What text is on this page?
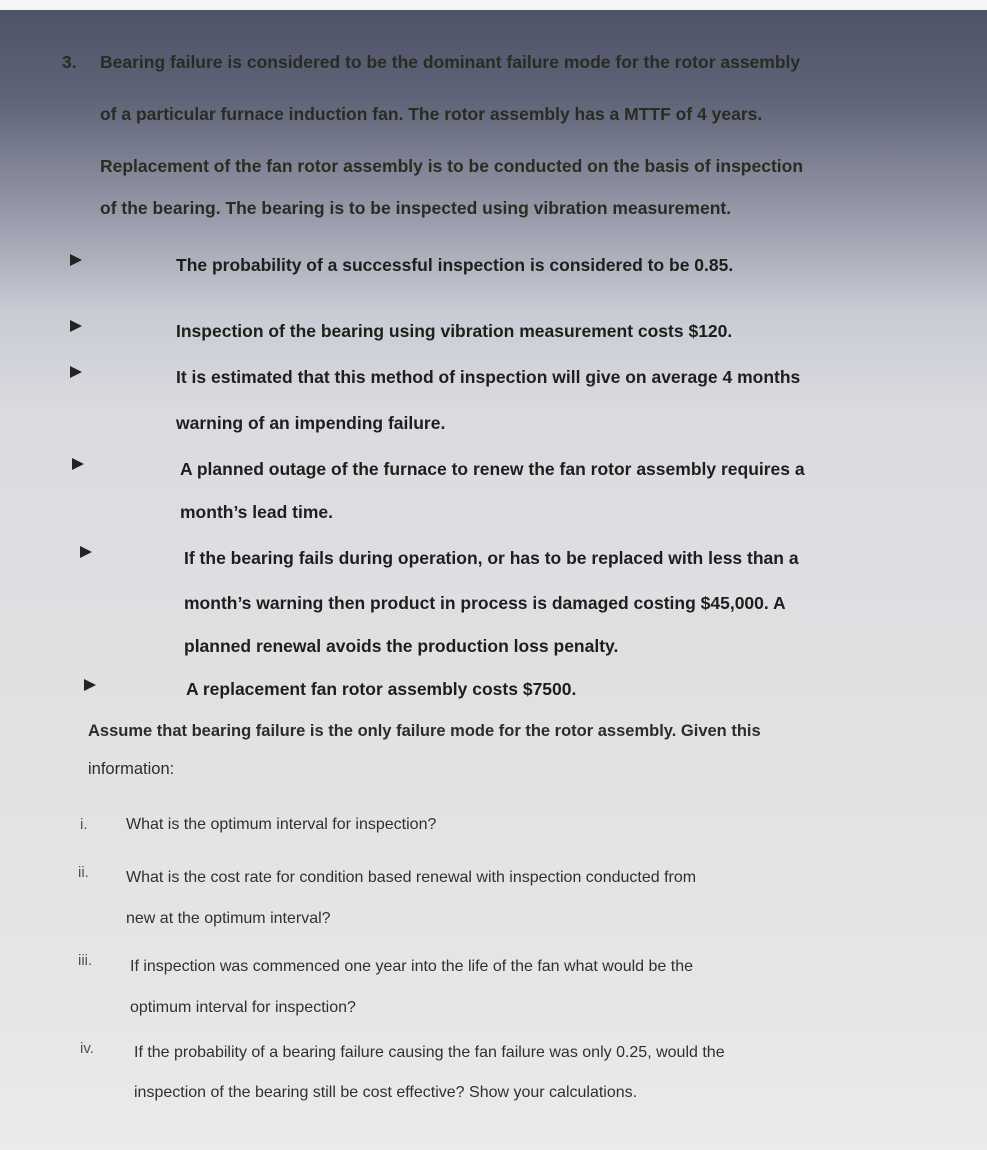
3. Bearing failure is considered to be the dominant failure mode for the rotor assembly

of a particular furnace induction fan. The rotor assembly has a MTTF of 4 years.

Replacement of the fan rotor assembly is to be conducted on the basis of inspection

of the bearing. The bearing is to be inspected using vibration measurement.

The probability of a successful inspection is considered to be 0.85.

Inspection of the bearing using vibration measurement costs $120.

It is estimated that this method of inspection will give on average 4 months

warning of an impending failure.

A planned outage of the furnace to renew the fan rotor assembly requires a

month’s lead time.

If the bearing fails during operation, or has to be replaced with less than a

month’s warning then product in process is damaged costing $45,000. A

planned renewal avoids the production loss penalty.

A replacement fan rotor assembly costs $7500.

Assume that bearing failure is the only failure mode for the rotor assembly. Given this

information:

i. What is the optimum interval for inspection?

ii. What is the cost rate for condition based renewal with inspection conducted from

new at the optimum interval?

iii. If inspection was commenced one year into the life of the fan what would be the

optimum interval for inspection?

iv.	If the probability of a bearing failure causing the fan failure was only 0.25, would the

inspection of the bearing still be cost effective? Show your calculations.
